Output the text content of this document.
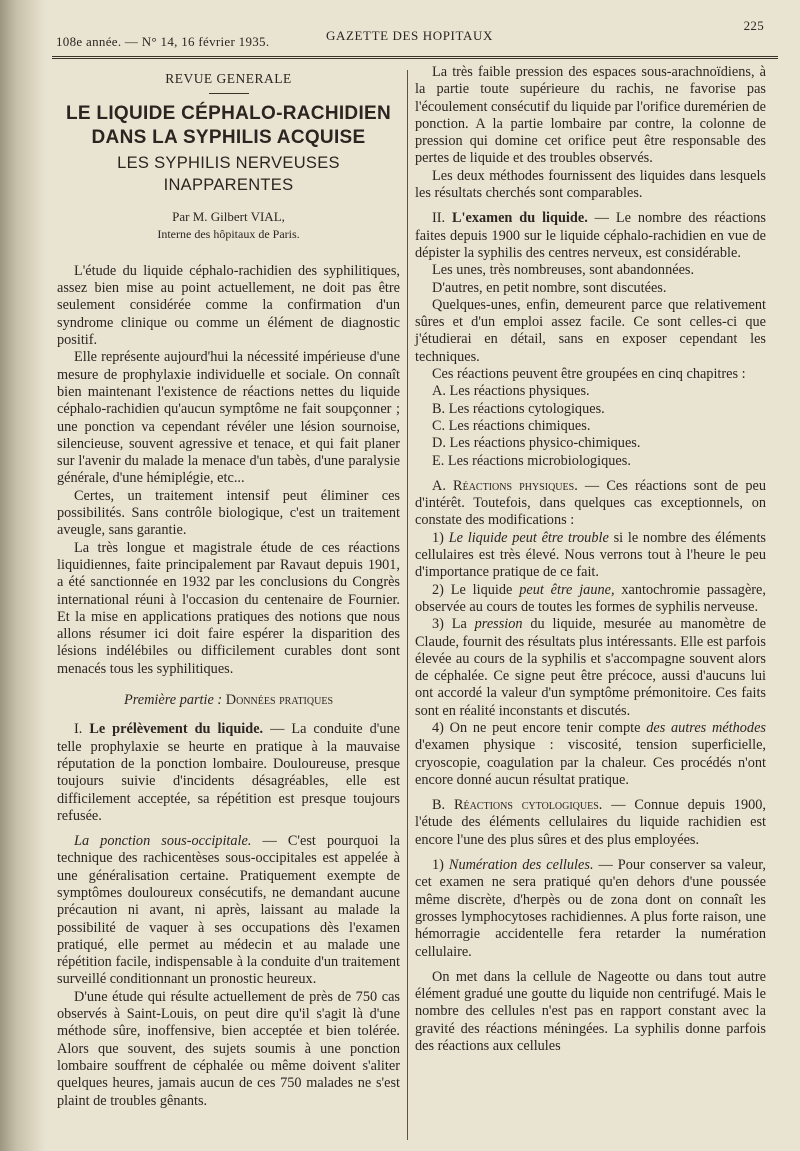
108e année. — N° 14, 16 février 1935.	GAZETTE DES HOPITAUX
225

REVUE GENERALE

LE LIQUIDE CÉPHALO-RACHIDIEN

DANS LA SYPHILIS ACQUISE

LES SYPHILIS NERVEUSES INAPPARENTES

Par M. Gilbert VIAL,

Interne des hôpitaux de Paris.

L'étude du liquide céphalo-rachidien des syphilitiques, assez bien mise au point actuellement, ne doit pas être seulement considérée comme la confirmation d'un syndrome clinique ou comme un élément de diagnostic positif.

Elle représente aujourd'hui la nécessité impérieuse d'une mesure de prophylaxie individuelle et sociale. On connaît bien maintenant l'existence de réactions nettes du liquide céphalo-rachidien qu'aucun symptôme ne fait soupçonner ; une ponction va cependant révéler une lésion sournoise, silencieuse, souvent agressive et tenace, et qui fait planer sur l'avenir du malade la menace d'un tabès, d'une paralysie générale, d'une hémiplégie, etc...

Certes, un traitement intensif peut éliminer ces possibilités. Sans contrôle biologique, c'est un traitement aveugle, sans garantie.

La très longue et magistrale étude de ces réactions liquidiennes, faite principalement par Ravaut depuis 1901, a été sanctionnée en 1932 par les conclusions du Congrès international réuni à l'occasion du centenaire de Fournier. Et la mise en applications pratiques des notions que nous allons résumer ici doit faire espérer la disparition des lésions indélébiles ou difficilement curables dont sont menacés tous les syphilitiques.

Première partie : Données pratiques

I. Le prélèvement du liquide. — La conduite d'une telle prophylaxie se heurte en pratique à la mauvaise réputation de la ponction lombaire. Douloureuse, presque toujours suivie d'incidents désagréables, elle est difficilement acceptée, sa répétition est presque toujours refusée.

La ponction sous-occipitale. — C'est pourquoi la technique des rachicentèses sous-occipitales est appelée à une généralisation certaine. Pratiquement exempte de symptômes douloureux consécutifs, ne demandant aucune précaution ni avant, ni après, laissant au malade la possibilité de vaquer à ses occupations dès l'examen pratiqué, elle permet au médecin et au malade une répétition facile, indispensable à la conduite d'un traitement surveillé conditionnant un pronostic heureux.

D'une étude qui résulte actuellement de près de 750 cas observés à Saint-Louis, on peut dire qu'il s'agit là d'une méthode sûre, inoffensive, bien acceptée et bien tolérée. Alors que souvent, des sujets soumis à une ponction lombaire souffrent de céphalée ou même doivent s'aliter quelques heures, jamais aucun de ces 750 malades ne s'est plaint de troubles gênants.

La très faible pression des espaces sous-arachnoïdiens, à la partie toute supérieure du rachis, ne favorise pas l'écoulement consécutif du liquide par l'orifice duremérien de ponction. A la partie lombaire par contre, la colonne de pression qui domine cet orifice peut être responsable des pertes de liquide et des troubles observés.

Les deux méthodes fournissent des liquides dans lesquels les résultats cherchés sont comparables.

II. L'examen du liquide. — Le nombre des réactions faites depuis 1900 sur le liquide céphalo-rachidien en vue de dépister la syphilis des centres nerveux, est considérable.

Les unes, très nombreuses, sont abandonnées.

D'autres, en petit nombre, sont discutées.

Quelques-unes, enfin, demeurent parce que relativement sûres et d'un emploi assez facile. Ce sont celles-ci que j'étudierai en détail, sans en exposer cependant les techniques.

Ces réactions peuvent être groupées en cinq chapitres :

A. Les réactions physiques.
B. Les réactions cytologiques.
C. Les réactions chimiques.
D. Les réactions physico-chimiques.
E. Les réactions microbiologiques.

A. Réactions physiques. — Ces réactions sont de peu d'intérêt. Toutefois, dans quelques cas exceptionnels, on constate des modifications :

1) Le liquide peut être trouble si le nombre des éléments cellulaires est très élevé. Nous verrons tout à l'heure le peu d'importance pratique de ce fait.

2) Le liquide peut être jaune, xantochromie passagère, observée au cours de toutes les formes de syphilis nerveuse.

3) La pression du liquide, mesurée au manomètre de Claude, fournit des résultats plus intéressants. Elle est parfois élevée au cours de la syphilis et s'accompagne souvent alors de céphalée. Ce signe peut être précoce, aussi d'aucuns lui ont accordé la valeur d'un symptôme prémonitoire. Ces faits sont en réalité inconstants et discutés.

4) On ne peut encore tenir compte des autres méthodes d'examen physique : viscosité, tension superficielle, cryoscopie, coagulation par la chaleur. Ces procédés n'ont encore donné aucun résultat pratique.

B. Réactions cytologiques. — Connue depuis 1900, l'étude des éléments cellulaires du liquide rachidien est encore l'une des plus sûres et des plus employées.

1) Numération des cellules. — Pour conserver sa valeur, cet examen ne sera pratiqué qu'en dehors d'une poussée même discrète, d'herpès ou de zona dont on connaît les grosses lymphocytoses rachidiennes. A plus forte raison, une hémorragie accidentelle fera retarder la numération cellulaire.

On met dans la cellule de Nageotte ou dans tout autre élément gradué une goutte du liquide non centrifugé. Mais le nombre des cellules n'est pas en rapport constant avec la gravité des réactions méningées. La syphilis donne parfois des réactions aux cellules
